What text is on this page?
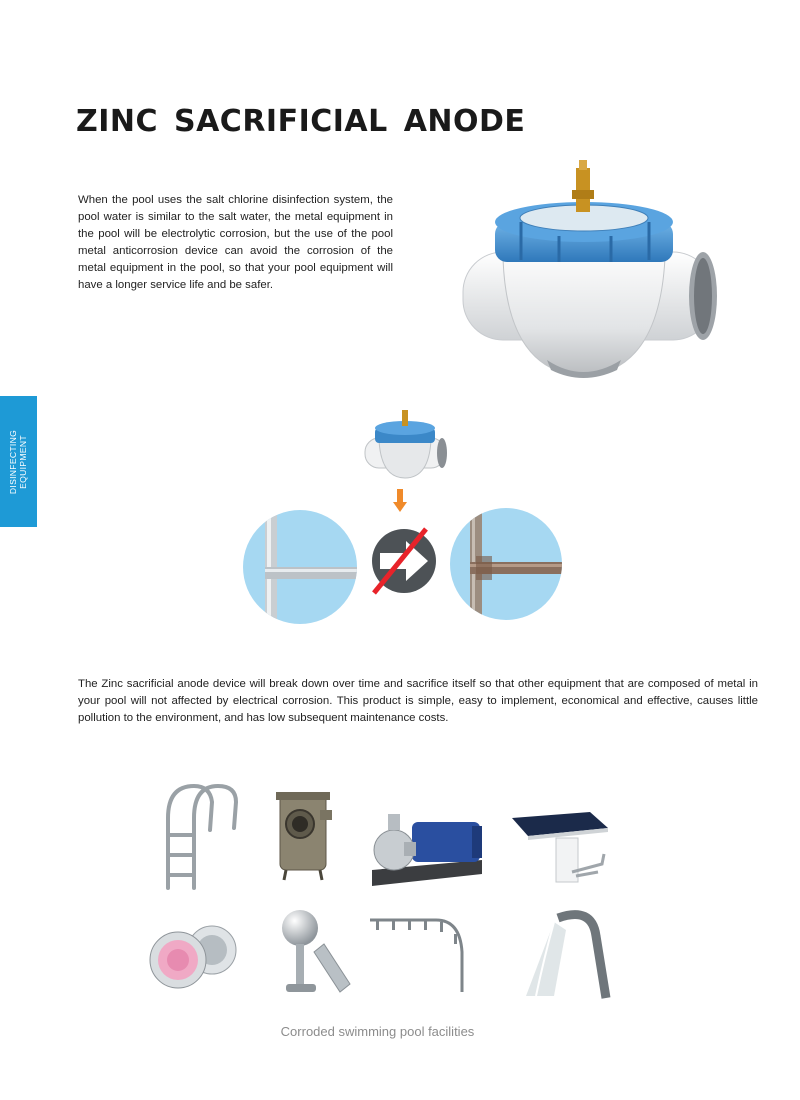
ZINC SACRIFICIAL ANODE

When the pool uses the salt chlorine disinfection system, the pool water is similar to the salt water, the metal equipment in the pool will be electrolytic corrosion, but the use of the pool metal anticorrosion device can avoid the corrosion of the metal equipment in the pool, so that your pool equipment will have a longer service life and be safer.

DISINFECTING EQUIPMENT

The Zinc sacrificial anode device will break down over time and sacrifice itself so that other equipment that are composed of metal in your pool will not affected by electrical corrosion. This product is simple, easy to implement, economical and effective, causes little pollution to the environment, and has low subsequent maintenance costs.

Corroded swimming pool facilities
